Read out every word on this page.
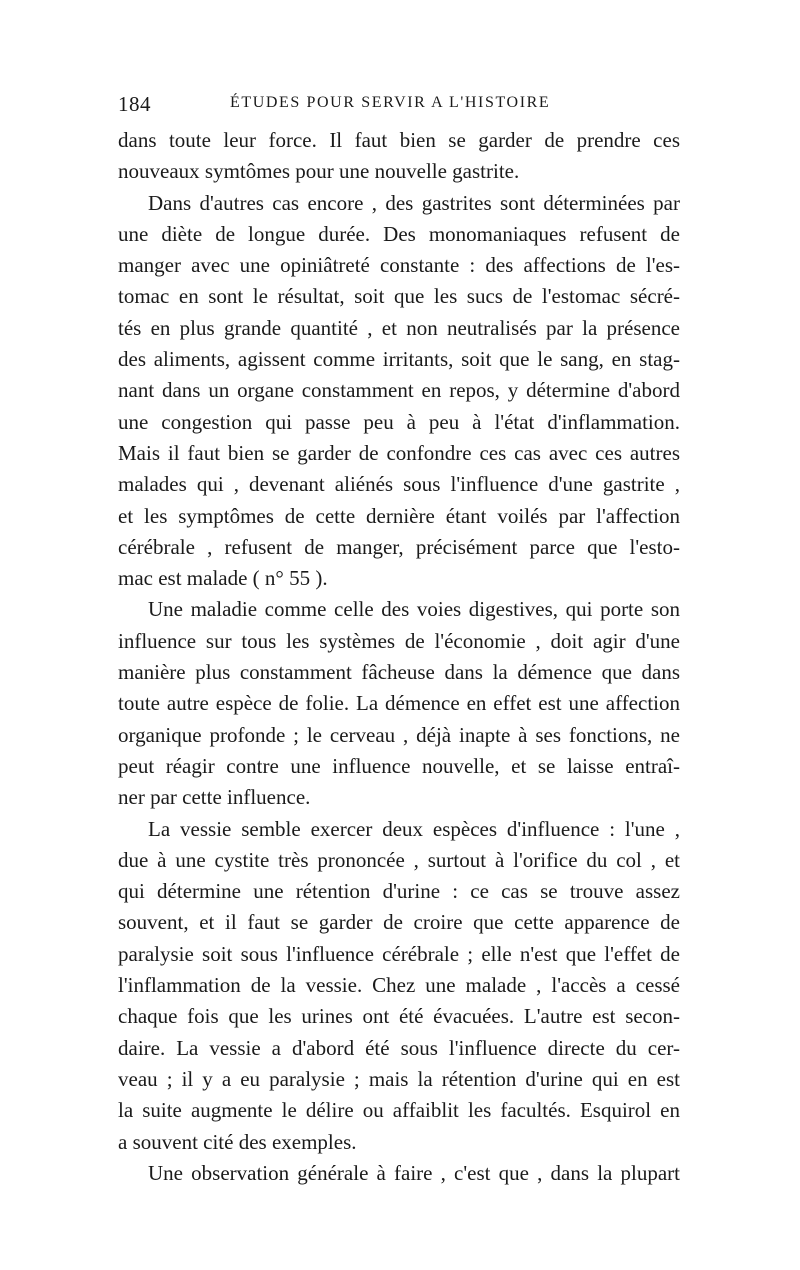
184	ÉTUDES POUR SERVIR A L'HISTOIRE
dans toute leur force. Il faut bien se garder de prendre ces
nouveaux symtômes pour une nouvelle gastrite.
Dans d'autres cas encore , des gastrites sont déterminées par
une diète de longue durée. Des monomaniaques refusent de
manger avec une opiniâtreté constante : des affections de l'es-
tomac en sont le résultat, soit que les sucs de l'estomac sécré-
tés en plus grande quantité , et non neutralisés par la présence
des aliments, agissent comme irritants, soit que le sang, en stag-
nant dans un organe constamment en repos, y détermine d'abord
une congestion qui passe peu à peu à l'état d'inflammation.
Mais il faut bien se garder de confondre ces cas avec ces autres
malades qui , devenant aliénés sous l'influence d'une gastrite ,
et les symptômes de cette dernière étant voilés par l'affection
cérébrale , refusent de manger, précisément parce que l'esto-
mac est malade ( n° 55 ).
Une maladie comme celle des voies digestives, qui porte son
influence sur tous les systèmes de l'économie , doit agir d'une
manière plus constamment fâcheuse dans la démence que dans
toute autre espèce de folie. La démence en effet est une affection
organique profonde ; le cerveau , déjà inapte à ses fonctions, ne
peut réagir contre une influence nouvelle, et se laisse entraî-
ner par cette influence.
La vessie semble exercer deux espèces d'influence : l'une ,
due à une cystite très prononcée , surtout à l'orifice du col , et
qui détermine une rétention d'urine : ce cas se trouve assez
souvent, et il faut se garder de croire que cette apparence de
paralysie soit sous l'influence cérébrale ; elle n'est que l'effet de
l'inflammation de la vessie. Chez une malade , l'accès a cessé
chaque fois que les urines ont été évacuées. L'autre est secon-
daire. La vessie a d'abord été sous l'influence directe du cer-
veau ; il y a eu paralysie ; mais la rétention d'urine qui en est
la suite augmente le délire ou affaiblit les facultés. Esquirol en
a souvent cité des exemples.
Une observation générale à faire , c'est que , dans la plupart
